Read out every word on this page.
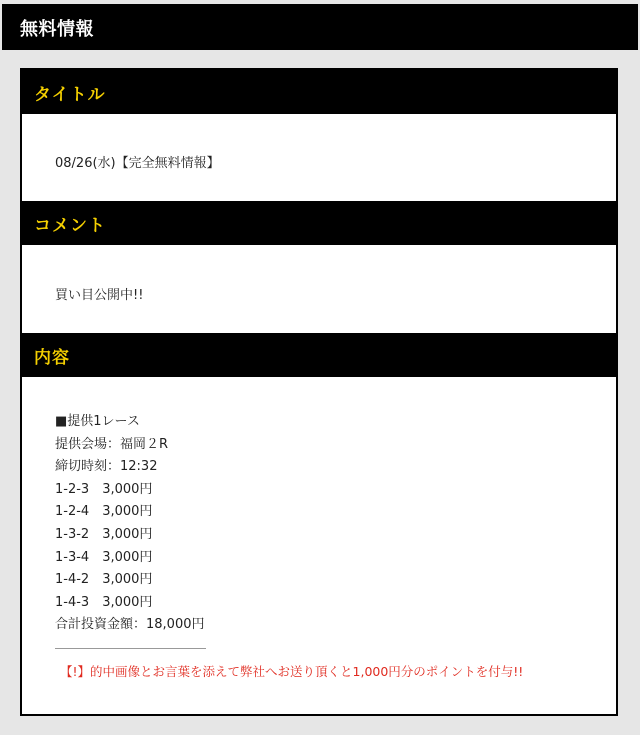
無料情報
タイトル
08/26(水)【完全無料情報】
コメント
買い目公開中!!
内容
■提供1レース
提供会場：福岡２R
締切時刻：12:32
1-2-3　3,000円
1-2-4　3,000円
1-3-2　3,000円
1-3-4　3,000円
1-4-2　3,000円
1-4-3　3,000円
合計投資金額：18,000円
【!】的中画像とお言葉を添えて弊社へお送り頂くと1,000円分のポイントを付与!!
